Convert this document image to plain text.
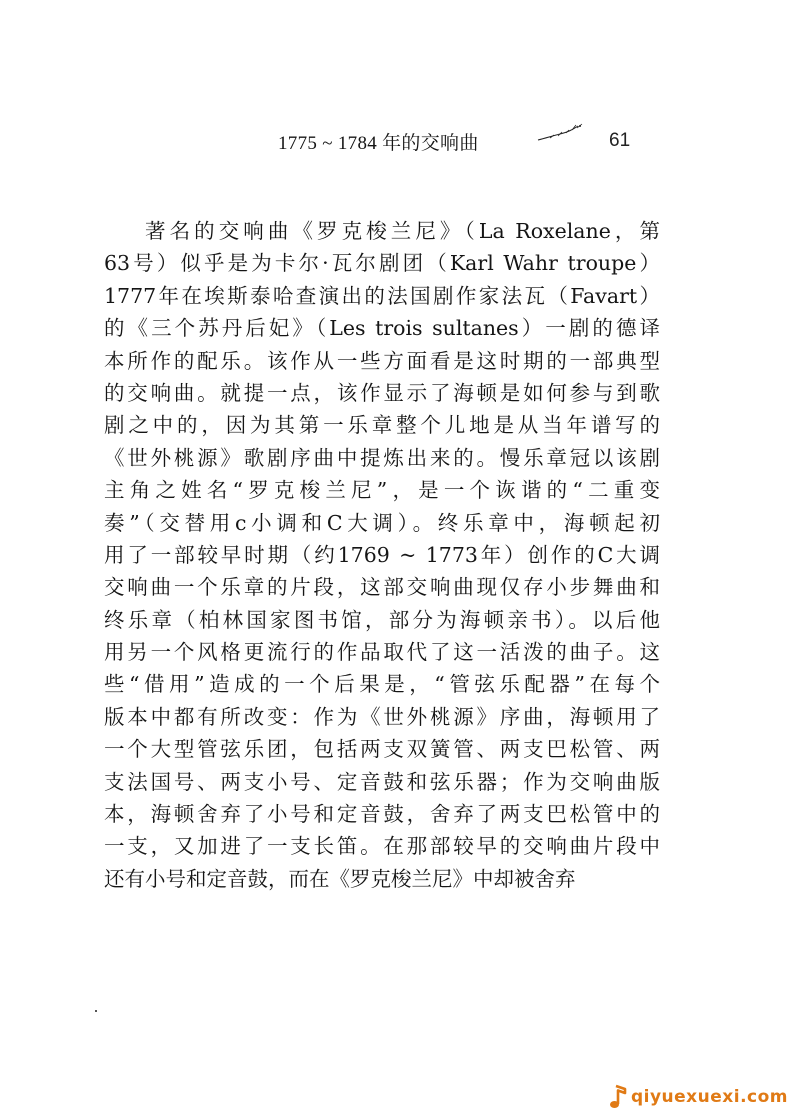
1775 ~ 1784 年的交响曲	61
著名的交响曲《罗克梭兰尼》（La Roxelane，第
63号）似乎是为卡尔·瓦尔剧团（Karl Wahr troupe）
1777年在埃斯泰哈查演出的法国剧作家法瓦（Favart）
的《三个苏丹后妃》（Les trois sultanes）一剧的德译
本所作的配乐。该作从一些方面看是这时期的一部典型
的交响曲。就提一点，该作显示了海顿是如何参与到歌
剧之中的，因为其第一乐章整个儿地是从当年谱写的
《世外桃源》歌剧序曲中提炼出来的。慢乐章冠以该剧
主角之姓名“罗克梭兰尼”，是一个诙谐的“二重变
奏”（交替用c小调和C大调）。终乐章中，海顿起初
用了一部较早时期（约1769 ~ 1773年）创作的C大调
交响曲一个乐章的片段，这部交响曲现仅存小步舞曲和
终乐章（柏林国家图书馆，部分为海顿亲书）。以后他
用另一个风格更流行的作品取代了这一活泼的曲子。这
些“借用”造成的一个后果是，“管弦乐配器”在每个
版本中都有所改变：作为《世外桃源》序曲，海顿用了
一个大型管弦乐团，包括两支双簧管、两支巴松管、两
支法国号、两支小号、定音鼓和弦乐器；作为交响曲版
本，海顿舍弃了小号和定音鼓，舍弃了两支巴松管中的
一支，又加进了一支长笛。在那部较早的交响曲片段中
还有小号和定音鼓，而在《罗克梭兰尼》中却被舍弃
qiyuexuexi.com
